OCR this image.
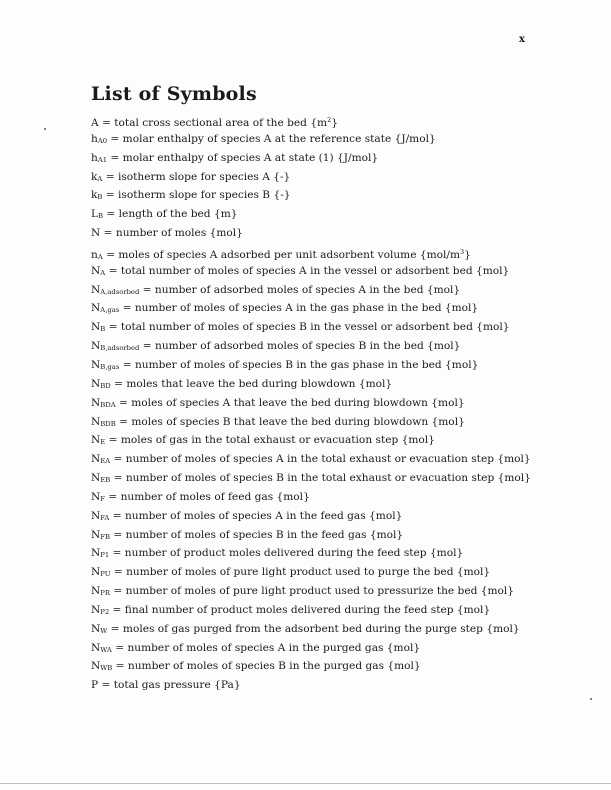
x
List of Symbols
A = total cross sectional area of the bed $\{m^2\}$
$h_{A0}$ = molar enthalpy of species A at the reference state {J/mol}
$h_{A1}$ = molar enthalpy of species A at state (1) {J/mol}
$k_A$ = isotherm slope for species A {-}
$k_B$ = isotherm slope for species B {-}
$L_B$ = length of the bed {m}
N = number of moles {mol}
$n_A$ = moles of species A adsorbed per unit adsorbent volume $\{mol/m^3\}$
$N_A$ = total number of moles of species A in the vessel or adsorbent bed {mol}
$N_{A,adsorbed}$ = number of adsorbed moles of species A in the bed {mol}
$N_{A,gas}$ = number of moles of species A in the gas phase in the bed {mol}
$N_B$ = total number of moles of species B in the vessel or adsorbent bed {mol}
$N_{B,adsorbed}$ = number of adsorbed moles of species B in the bed {mol}
$N_{B,gas}$ = number of moles of species B in the gas phase in the bed {mol}
$N_{BD}$ = moles that leave the bed during blowdown {mol}
$N_{BDA}$ = moles of species A that leave the bed during blowdown {mol}
$N_{BDB}$ = moles of species B that leave the bed during blowdown {mol}
$N_E$ = moles of gas in the total exhaust or evacuation step {mol}
$N_{EA}$ = number of moles of species A in the total exhaust or evacuation step {mol}
$N_{EB}$ = number of moles of species B in the total exhaust or evacuation step {mol}
$N_F$ = number of moles of feed gas {mol}
$N_{FA}$ = number of moles of species A in the feed gas {mol}
$N_{FB}$ = number of moles of species B in the feed gas {mol}
$N_{P1}$ = number of product moles delivered during the feed step {mol}
$N_{PU}$ = number of moles of pure light product used to purge the bed {mol}
$N_{PR}$ = number of moles of pure light product used to pressurize the bed {mol}
$N_{P2}$ = final number of product moles delivered during the feed step {mol}
$N_W$ = moles of gas purged from the adsorbent bed during the purge step {mol}
$N_{WA}$ = number of moles of species A in the purged gas {mol}
$N_{WB}$ = number of moles of species B in the purged gas {mol}
P = total gas pressure {Pa}
